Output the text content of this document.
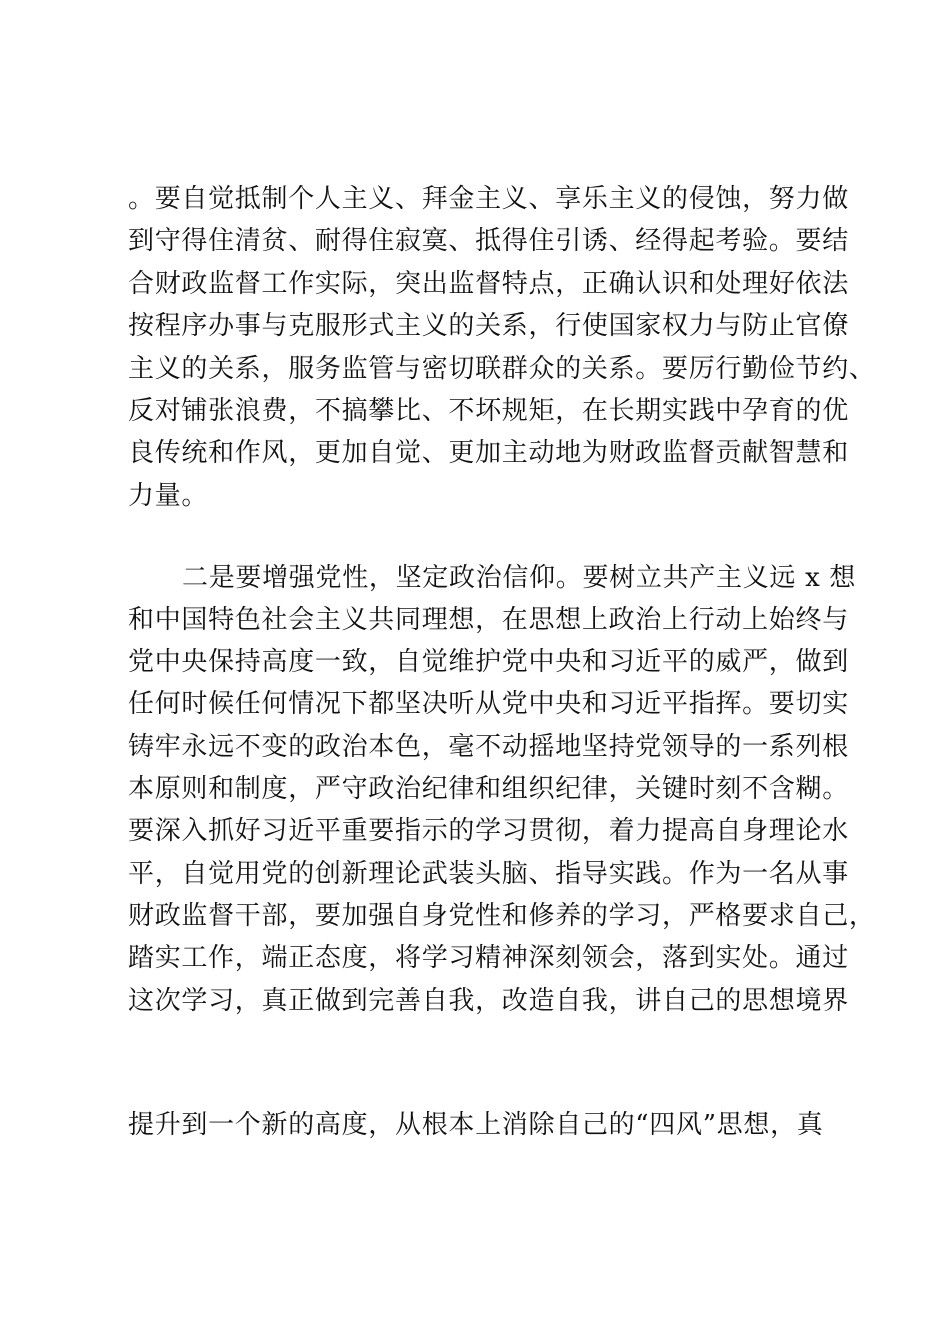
。要自觉抵制个人主义、拜金主义、享乐主义的侵蚀，努力做
到守得住清贫、耐得住寂寞、抵得住引诱、经得起考验。要结
合财政监督工作实际，突出监督特点，正确认识和处理好依法
按程序办事与克服形式主义的关系，行使国家权力与防止官僚
主义的关系，服务监管与密切联群众的关系。要厉行勤俭节约、
反对铺张浪费，不搞攀比、不坏规矩，在长期实践中孕育的优
良传统和作风，更加自觉、更加主动地为财政监督贡献智慧和
力量。
二是要增强党性，坚定政治信仰。要树立共产主义远 x 想
和中国特色社会主义共同理想，在思想上政治上行动上始终与
党中央保持高度一致，自觉维护党中央和习近平的威严，做到
任何时候任何情况下都坚决听从党中央和习近平指挥。要切实
铸牢永远不变的政治本色，毫不动摇地坚持党领导的一系列根
本原则和制度，严守政治纪律和组织纪律，关键时刻不含糊。
要深入抓好习近平重要指示的学习贯彻，着力提高自身理论水
平，自觉用党的创新理论武装头脑、指导实践。作为一名从事
财政监督干部，要加强自身党性和修养的学习，严格要求自己，
踏实工作，端正态度，将学习精神深刻领会，落到实处。通过
这次学习，真正做到完善自我，改造自我，讲自己的思想境界
提升到一个新的高度，从根本上消除自己的“四风”思想，真
